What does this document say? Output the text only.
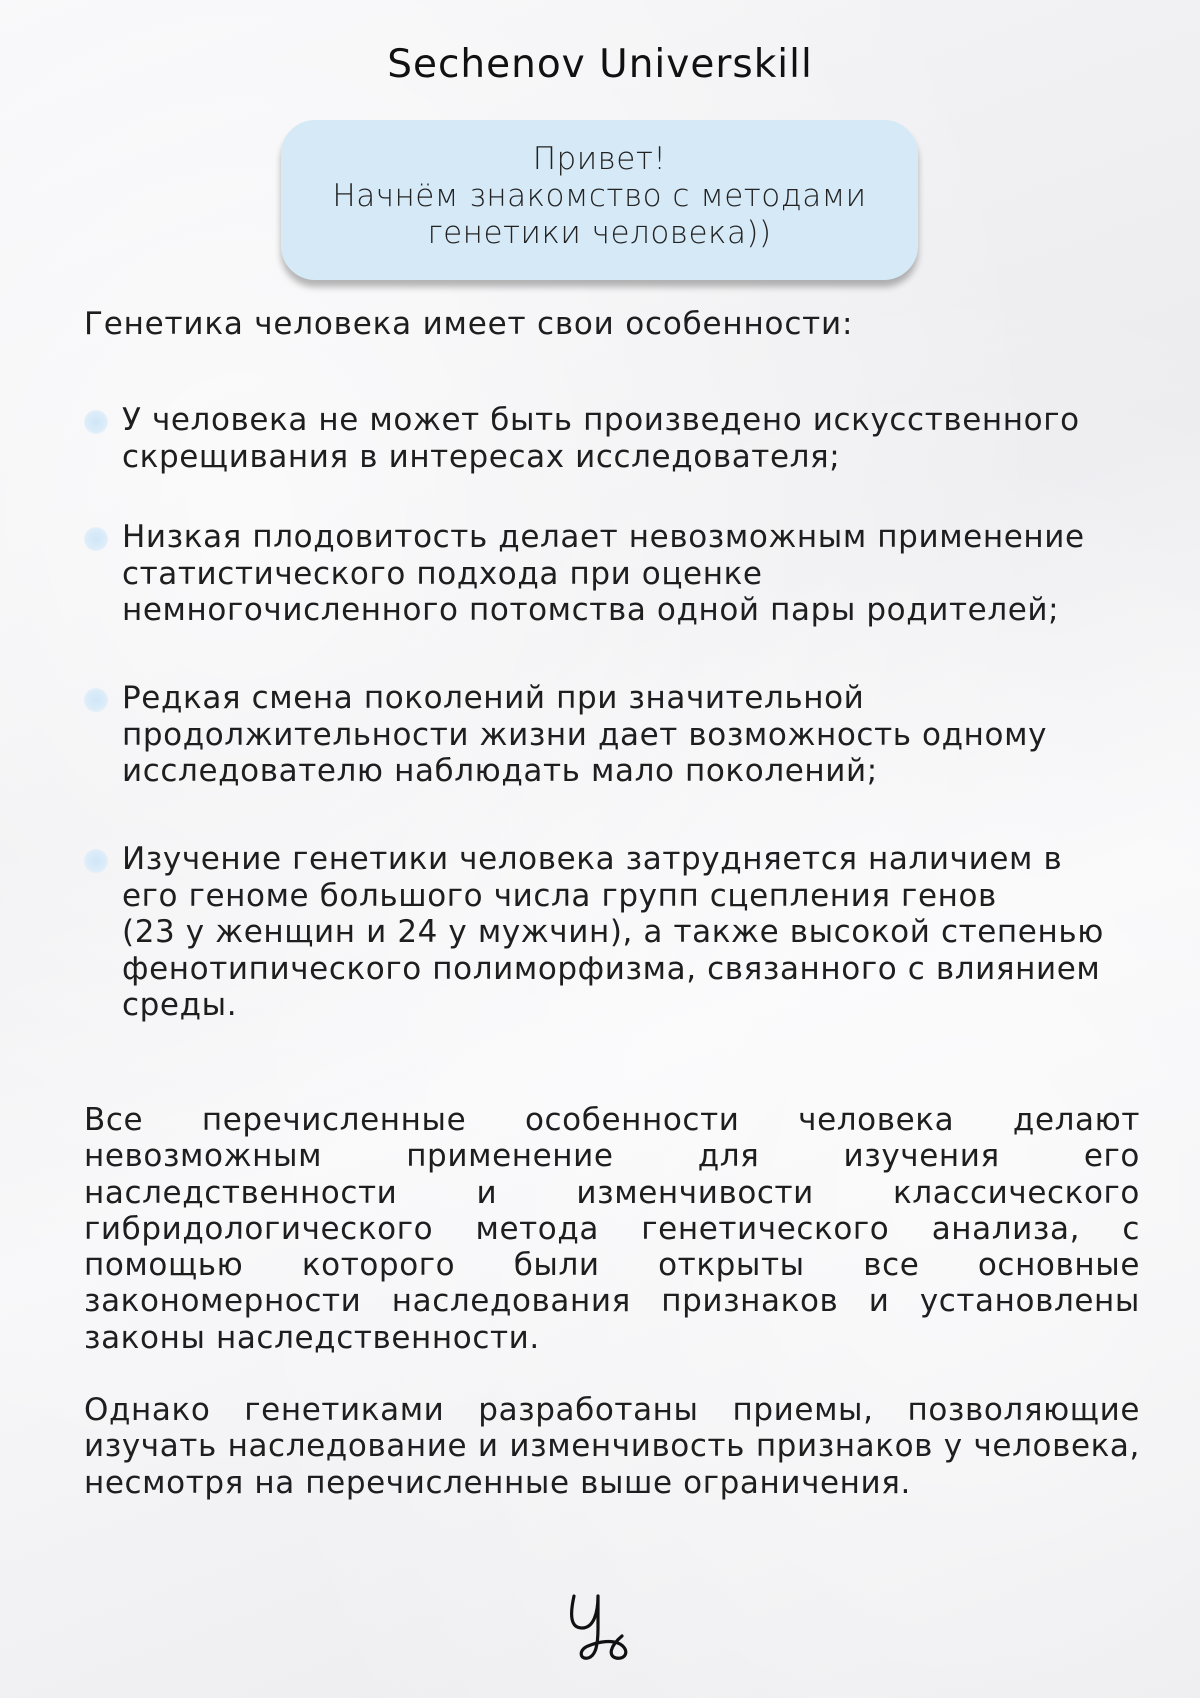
Sechenov Universkill
Привет!
Начнём знакомство с методами
генетики человека))
Генетика человека имеет свои особенности:
У человека не может быть произведено искусственного
скрещивания в интересах исследователя;
Низкая плодовитость делает невозможным применение
статистического подхода при оценке
немногочисленного потомства одной пары родителей;
Редкая смена поколений при значительной
продолжительности жизни дает возможность одному
исследователю наблюдать мало поколений;
Изучение генетики человека затрудняется наличием в
его геноме большого числа групп сцепления генов
(23 у женщин и 24 у мужчин), а также высокой степенью
фенотипического полиморфизма, связанного с влиянием
среды.
Все перечисленные особенности человека делают невозможным применение для изучения его наследственности и изменчивости классического гибридологического метода генетического анализа, с помощью которого были открыты все основные закономерности наследования признаков и установлены законы наследственности.
Однако генетиками разработаны приемы, позволяющие изучать наследование и изменчивость признаков у человека, несмотря на перечисленные выше ограничения.
